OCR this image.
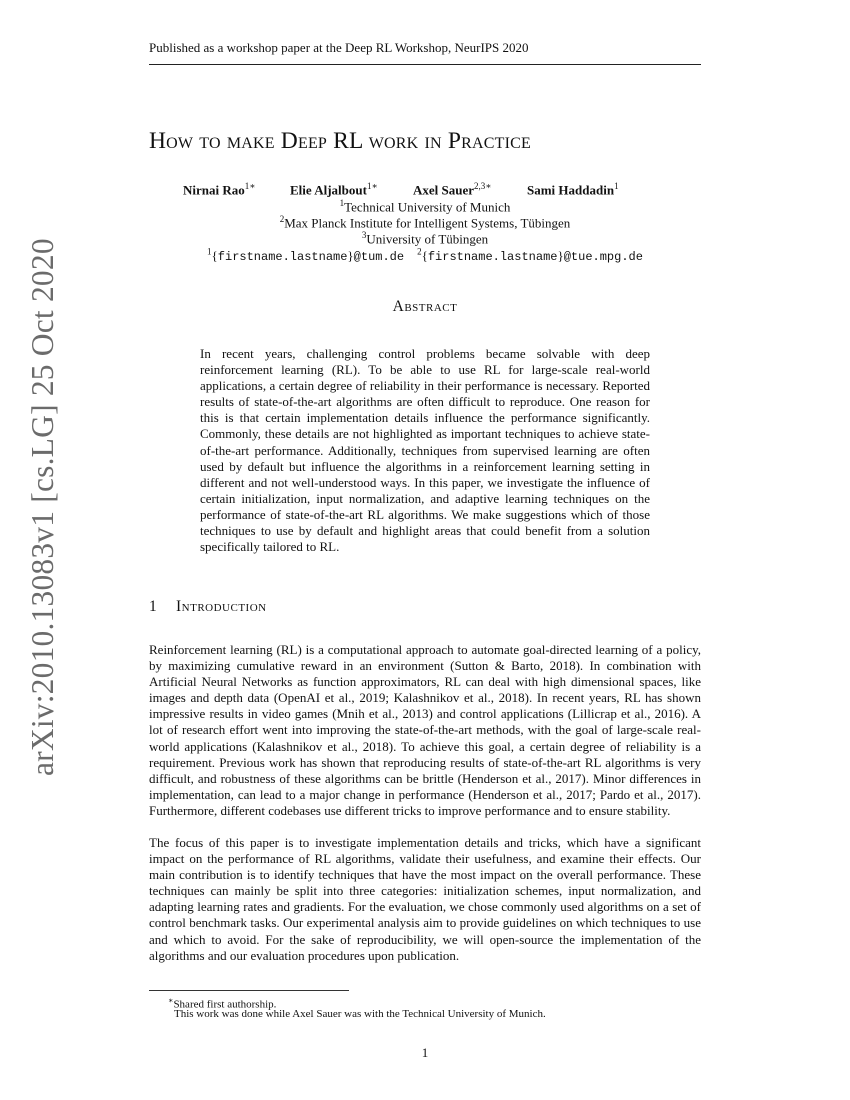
Published as a workshop paper at the Deep RL Workshop, NeurIPS 2020
arXiv:2010.13083v1 [cs.LG] 25 Oct 2020
How to make Deep RL work in Practice
Nirnai Rao$^{1∗}$	Elie Aljalbout$^{1∗}$	Axel Sauer$^{2,3∗}$	Sami Haddadin$^1$
$^1$Technical University of Munich
$^2$Max Planck Institute for Intelligent Systems, Tübingen
$^3$University of Tübingen
$^1${firstname.lastname}@tum.de $^2${firstname.lastname}@tue.mpg.de
Abstract
In recent years, challenging control problems became solvable with deep reinforcement learning (RL). To be able to use RL for large-scale real-world applications, a certain degree of reliability in their performance is necessary. Reported results of state-of-the-art algorithms are often difficult to reproduce. One reason for this is that certain implementation details influence the performance significantly. Commonly, these details are not highlighted as important techniques to achieve state-of-the-art performance. Additionally, techniques from supervised learning are often used by default but influence the algorithms in a reinforcement learning setting in different and not well-understood ways. In this paper, we investigate the influence of certain initialization, input normalization, and adaptive learning techniques on the performance of state-of-the-art RL algorithms. We make suggestions which of those techniques to use by default and highlight areas that could benefit from a solution specifically tailored to RL.
1 Introduction
Reinforcement learning (RL) is a computational approach to automate goal-directed learning of a policy, by maximizing cumulative reward in an environment (Sutton & Barto, 2018). In combination with Artificial Neural Networks as function approximators, RL can deal with high dimensional spaces, like images and depth data (OpenAI et al., 2019; Kalashnikov et al., 2018). In recent years, RL has shown impressive results in video games (Mnih et al., 2013) and control applications (Lillicrap et al., 2016). A lot of research effort went into improving the state-of-the-art methods, with the goal of large-scale real-world applications (Kalashnikov et al., 2018). To achieve this goal, a certain degree of reliability is a requirement. Previous work has shown that reproducing results of state-of-the-art RL algorithms is very difficult, and robustness of these algorithms can be brittle (Henderson et al., 2017). Minor differences in implementation, can lead to a major change in performance (Henderson et al., 2017; Pardo et al., 2017). Furthermore, different codebases use different tricks to improve performance and to ensure stability.
The focus of this paper is to investigate implementation details and tricks, which have a significant impact on the performance of RL algorithms, validate their usefulness, and examine their effects. Our main contribution is to identify techniques that have the most impact on the overall performance. These techniques can mainly be split into three categories: initialization schemes, input normalization, and adapting learning rates and gradients. For the evaluation, we chose commonly used algorithms on a set of control benchmark tasks. Our experimental analysis aim to provide guidelines on which techniques to use and which to avoid. For the sake of reproducibility, we will open-source the implementation of the algorithms and our evaluation procedures upon publication.
∗Shared first authorship.
This work was done while Axel Sauer was with the Technical University of Munich.
1
